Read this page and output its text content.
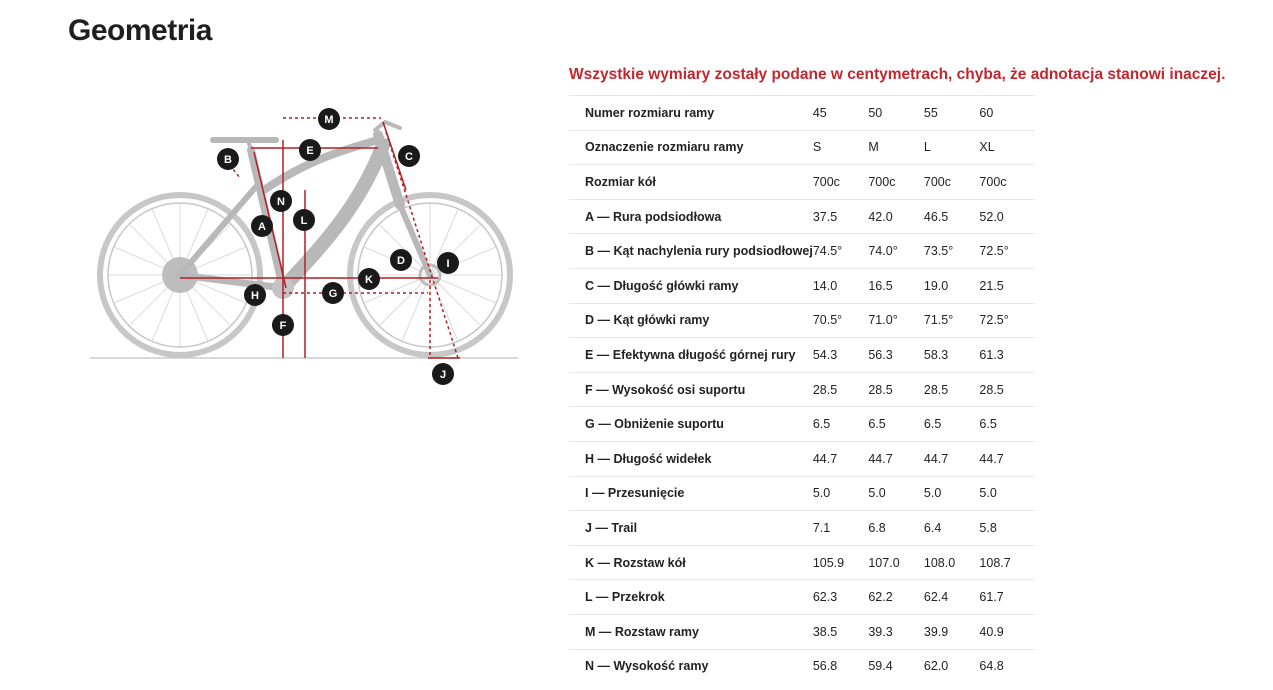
Geometria
A
B	C
D
E
F
G
H
I
J
K
L
M
N
Wszystkie wymiary zostały podane w centymetrach, chyba, że adnotacja stanowi inaczej.
Numer rozmiaru ramy	45	50	55	60
Oznaczenie rozmiaru ramy	S	M	L	XL
Rozmiar kół	700c	700c	700c	700c
A — Rura podsiodłowa	37.5	42.0	46.5	52.0
B — Kąt nachylenia rury podsiodłowej	74.5°	74.0°	73.5°	72.5°
C — Długość główki ramy	14.0	16.5	19.0	21.5
D — Kąt główki ramy	70.5°	71.0°	71.5°	72.5°
E — Efektywna długość górnej rury	54.3	56.3	58.3	61.3
F — Wysokość osi suportu	28.5	28.5	28.5	28.5
G — Obniżenie suportu	6.5	6.5	6.5	6.5
H — Długość widełek	44.7	44.7	44.7	44.7
I — Przesunięcie	5.0	5.0	5.0	5.0
J — Trail	7.1	6.8	6.4	5.8
K — Rozstaw kół	105.9	107.0	108.0	108.7
L — Przekrok	62.3	62.2	62.4	61.7
M — Rozstaw ramy	38.5	39.3	39.9	40.9
N — Wysokość ramy	56.8	59.4	62.0	64.8
